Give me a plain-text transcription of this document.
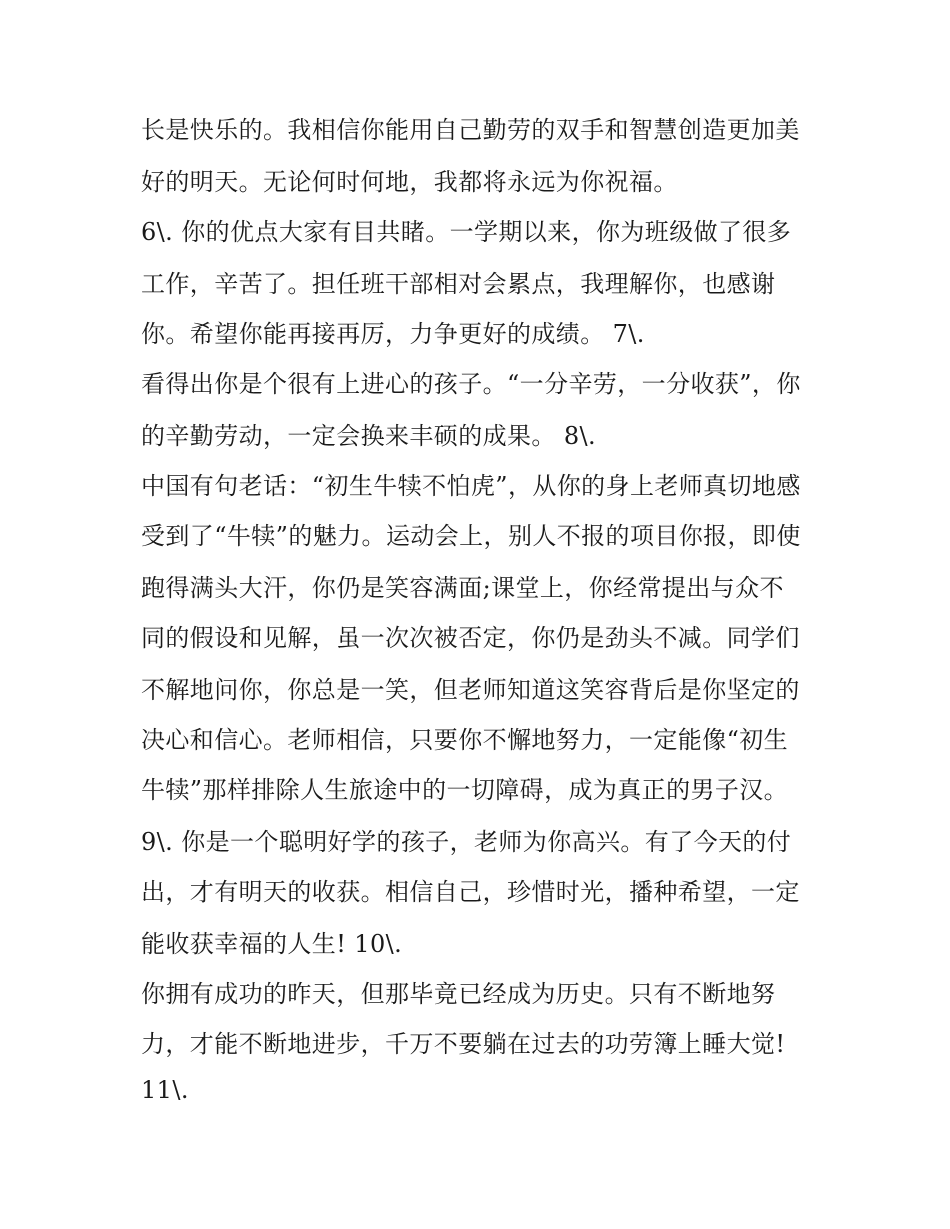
长是快乐的。我相信你能用自己勤劳的双手和智慧创造更加美
好的明天。无论何时何地，我都将永远为你祝福。
6\. 你的优点大家有目共睹。一学期以来，你为班级做了很多
工作，辛苦了。担任班干部相对会累点，我理解你，也感谢
你。希望你能再接再厉，力争更好的成绩。 7\.
看得出你是个很有上进心的孩子。“一分辛劳，一分收获”，你
的辛勤劳动，一定会换来丰硕的成果。 8\.
中国有句老话：“初生牛犊不怕虎”，从你的身上老师真切地感
受到了“牛犊”的魅力。运动会上，别人不报的项目你报，即使
跑得满头大汗，你仍是笑容满面;课堂上，你经常提出与众不
同的假设和见解，虽一次次被否定，你仍是劲头不减。同学们
不解地问你，你总是一笑，但老师知道这笑容背后是你坚定的
决心和信心。老师相信，只要你不懈地努力，一定能像“初生
牛犊”那样排除人生旅途中的一切障碍，成为真正的男子汉。
9\. 你是一个聪明好学的孩子，老师为你高兴。有了今天的付
出，才有明天的收获。相信自己，珍惜时光，播种希望，一定
能收获幸福的人生! 10\.
你拥有成功的昨天，但那毕竟已经成为历史。只有不断地努
力，才能不断地进步，千万不要躺在过去的功劳簿上睡大觉!
11\.
